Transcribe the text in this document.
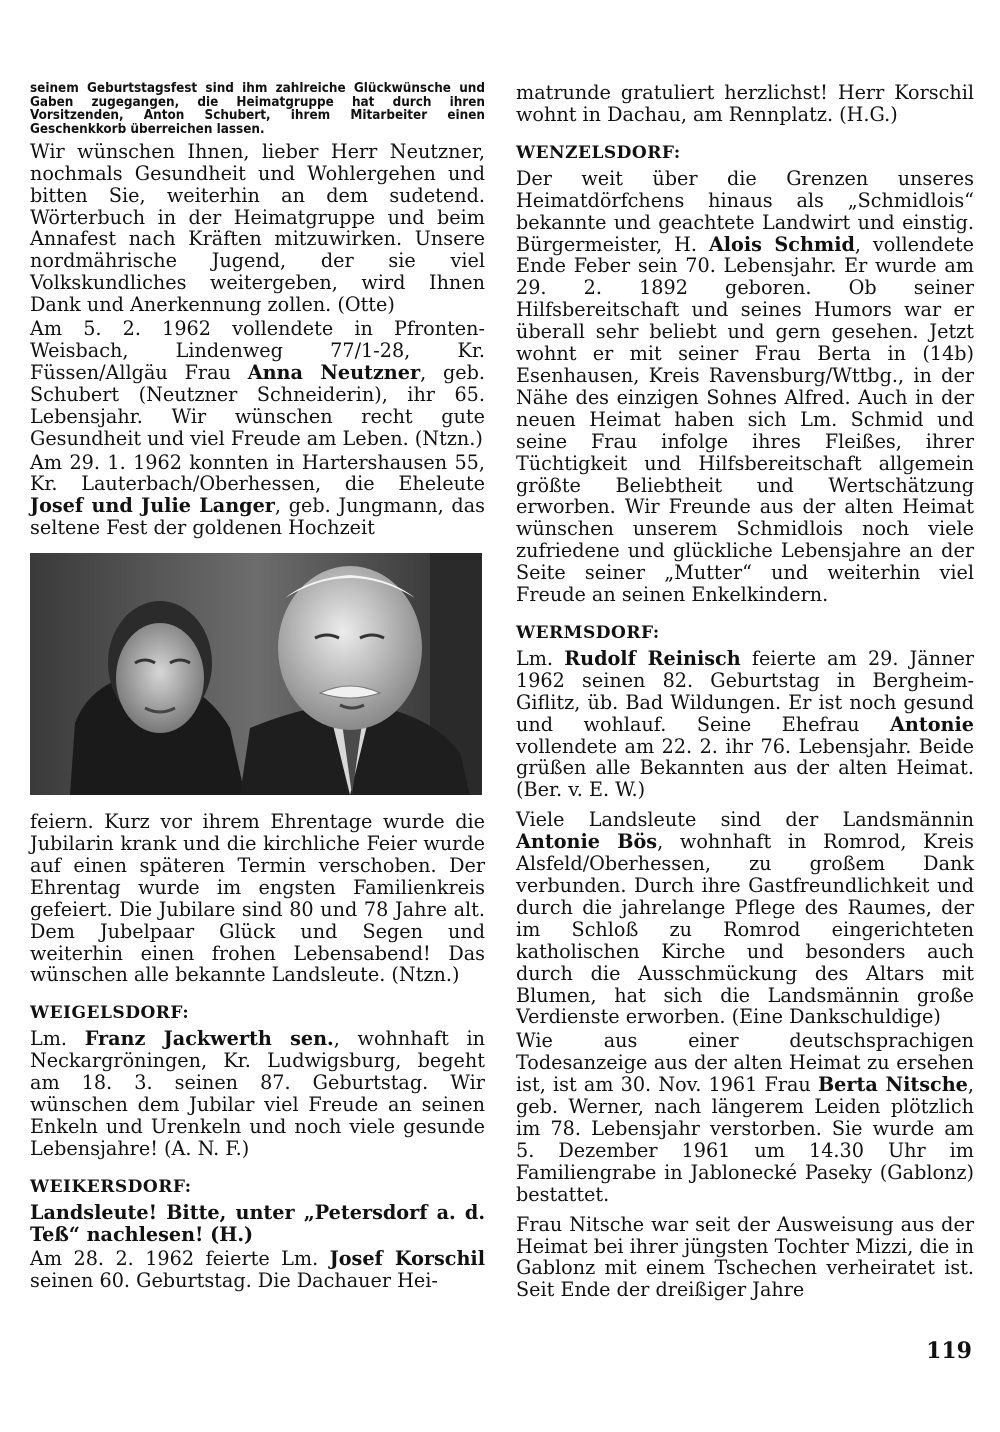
seinem Geburtstagsfest sind ihm zahlreiche Glückwünsche und Gaben zugegangen, die Heimatgruppe hat durch ihren Vorsitzenden, Anton Schubert, ihrem Mitarbeiter einen Geschenkkorb überreichen lassen.

Wir wünschen Ihnen, lieber Herr Neutzner, nochmals Gesundheit und Wohlergehen und bitten Sie, weiterhin an dem sudetend. Wörterbuch in der Heimatgruppe und beim Annafest nach Kräften mitzuwirken. Unsere nordmährische Jugend, der sie viel Volkskundliches weitergeben, wird Ihnen Dank und Anerkennung zollen. (Otte)

Am 5. 2. 1962 vollendete in Pfronten-Weisbach, Lindenweg 77/1-28, Kr. Füssen/Allgäu Frau Anna Neutzner, geb. Schubert (Neutzner Schneiderin), ihr 65. Lebensjahr. Wir wünschen recht gute Gesundheit und viel Freude am Leben. (Ntzn.)

Am 29. 1. 1962 konnten in Hartershausen 55, Kr. Lauterbach/Oberhessen, die Eheleute Josef und Julie Langer, geb. Jungmann, das seltene Fest der goldenen Hochzeit

feiern. Kurz vor ihrem Ehrentage wurde die Jubilarin krank und die kirchliche Feier wurde auf einen späteren Termin verschoben. Der Ehrentag wurde im engsten Familienkreis gefeiert. Die Jubilare sind 80 und 78 Jahre alt. Dem Jubelpaar Glück und Segen und weiterhin einen frohen Lebensabend! Das wünschen alle bekannte Landsleute. (Ntzn.)

WEIGELSDORF:

Lm. Franz Jackwerth sen., wohnhaft in Neckargröningen, Kr. Ludwigsburg, begeht am 18. 3. seinen 87. Geburtstag. Wir wünschen dem Jubilar viel Freude an seinen Enkeln und Urenkeln und noch viele gesunde Lebensjahre! (A. N. F.)

WEIKERSDORF:

Landsleute! Bitte, unter „Petersdorf a. d. Teß“ nachlesen! (H.)

Am 28. 2. 1962 feierte Lm. Josef Korschil seinen 60. Geburtstag. Die Dachauer Hei-

matrunde gratuliert herzlichst! Herr Korschil wohnt in Dachau, am Rennplatz. (H.G.)

WENZELSDORF:

Der weit über die Grenzen unseres Heimatdörfchens hinaus als „Schmidlois“ bekannte und geachtete Landwirt und einstig. Bürgermeister, H. Alois Schmid, vollendete Ende Feber sein 70. Lebensjahr. Er wurde am 29. 2. 1892 geboren. Ob seiner Hilfsbereitschaft und seines Humors war er überall sehr beliebt und gern gesehen. Jetzt wohnt er mit seiner Frau Berta in (14b) Esenhausen, Kreis Ravensburg/Wttbg., in der Nähe des einzigen Sohnes Alfred. Auch in der neuen Heimat haben sich Lm. Schmid und seine Frau infolge ihres Fleißes, ihrer Tüchtigkeit und Hilfsbereitschaft allgemein größte Beliebtheit und Wertschätzung erworben. Wir Freunde aus der alten Heimat wünschen unserem Schmidlois noch viele zufriedene und glückliche Lebensjahre an der Seite seiner „Mutter“ und weiterhin viel Freude an seinen Enkelkindern.

WERMSDORF:

Lm. Rudolf Reinisch feierte am 29. Jänner 1962 seinen 82. Geburtstag in Bergheim-Giflitz, üb. Bad Wildungen. Er ist noch gesund und wohlauf. Seine Ehefrau Antonie vollendete am 22. 2. ihr 76. Lebensjahr. Beide grüßen alle Bekannten aus der alten Heimat. (Ber. v. E. W.)

Viele Landsleute sind der Landsmännin Antonie Bös, wohnhaft in Romrod, Kreis Alsfeld/Oberhessen, zu großem Dank verbunden. Durch ihre Gastfreundlichkeit und durch die jahrelange Pflege des Raumes, der im Schloß zu Romrod eingerichteten katholischen Kirche und besonders auch durch die Ausschmückung des Altars mit Blumen, hat sich die Landsmännin große Verdienste erworben. (Eine Dankschuldige)

Wie aus einer deutschsprachigen Todesanzeige aus der alten Heimat zu ersehen ist, ist am 30. Nov. 1961 Frau Berta Nitsche, geb. Werner, nach längerem Leiden plötzlich im 78. Lebensjahr verstorben. Sie wurde am 5. Dezember 1961 um 14.30 Uhr im Familiengrabe in Jablonecké Paseky (Gablonz) bestattet.

Frau Nitsche war seit der Ausweisung aus der Heimat bei ihrer jüngsten Tochter Mizzi, die in Gablonz mit einem Tschechen verheiratet ist. Seit Ende der dreißiger Jahre

119
